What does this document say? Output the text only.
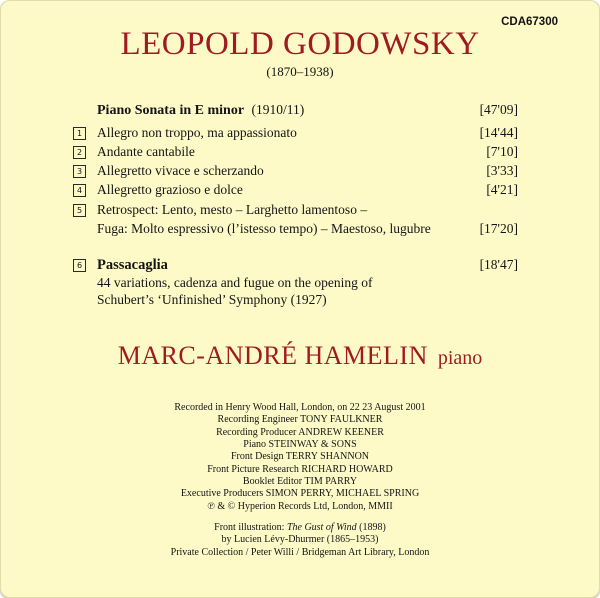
CDA67300
LEOPOLD GODOWSKY
(1870–1938)
Piano Sonata in E minor (1910/11)	[47'09]
1 Allegro non troppo, ma appassionato	[14'44]
2 Andante cantabile	[7'10]
3 Allegretto vivace e scherzando	[3'33]
4 Allegretto grazioso e dolce	[4'21]
5 Retrospect: Lento, mesto – Larghetto lamentoso –
Fuga: Molto espressivo (l’istesso tempo) – Maestoso, lugubre	[17'20]
6 Passacaglia	[18'47]
44 variations, cadenza and fugue on the opening of
Schubert’s ‘Unfinished’ Symphony (1927)
MARC-ANDRÉ HAMELIN piano
Recorded in Henry Wood Hall, London, on 22 23 August 2001
Recording Engineer TONY FAULKNER
Recording Producer ANDREW KEENER
Piano STEINWAY & SONS
Front Design TERRY SHANNON
Front Picture Research RICHARD HOWARD
Booklet Editor TIM PARRY
Executive Producers SIMON PERRY, MICHAEL SPRING
℗ & © Hyperion Records Ltd, London, MMII
Front illustration: The Gust of Wind (1898)
by Lucien Lévy-Dhurmer (1865–1953)
Private Collection / Peter Willi / Bridgeman Art Library, London
